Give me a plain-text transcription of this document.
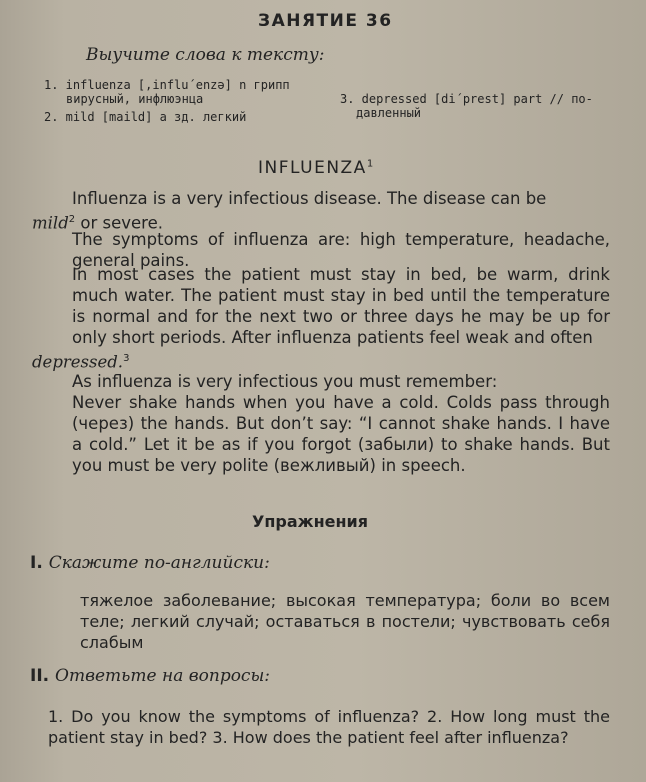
ЗАНЯТИЕ 36
Выучите слова к тексту:
1. influenza [,influ´enzə] n грипп
вирусный, инфлюэнца
2. mild [maild] a зд. легкий
3. depressed [di´prest] part // по-
давленный
INFLUENZA$^1$
Influenza is a very infectious disease. The disease can be
mild$^2$ or severe.
The symptoms of influenza are: high temperature, headache, general pains.
In most cases the patient must stay in bed, be warm, drink much water. The patient must stay in bed until the temperature is normal and for the next two or three days he may be up for only short periods. After influenza patients feel weak and often
depressed.$^3$
As influenza is very infectious you must remember:
Never shake hands when you have a cold. Colds pass through (через) the hands. But don’t say: “I cannot shake hands. I have a cold.” Let it be as if you forgot (забыли) to shake hands. But you must be very polite (вежливый) in speech.
Упражнения
I. Скажите по-английски:
тяжелое заболевание; высокая температура; боли во всем теле; легкий случай; оставаться в постели; чувствовать себя слабым
II. Ответьте на вопросы:
1. Do you know the symptoms of influenza? 2. How long must the patient stay in bed? 3. How does the patient feel after influenza?
